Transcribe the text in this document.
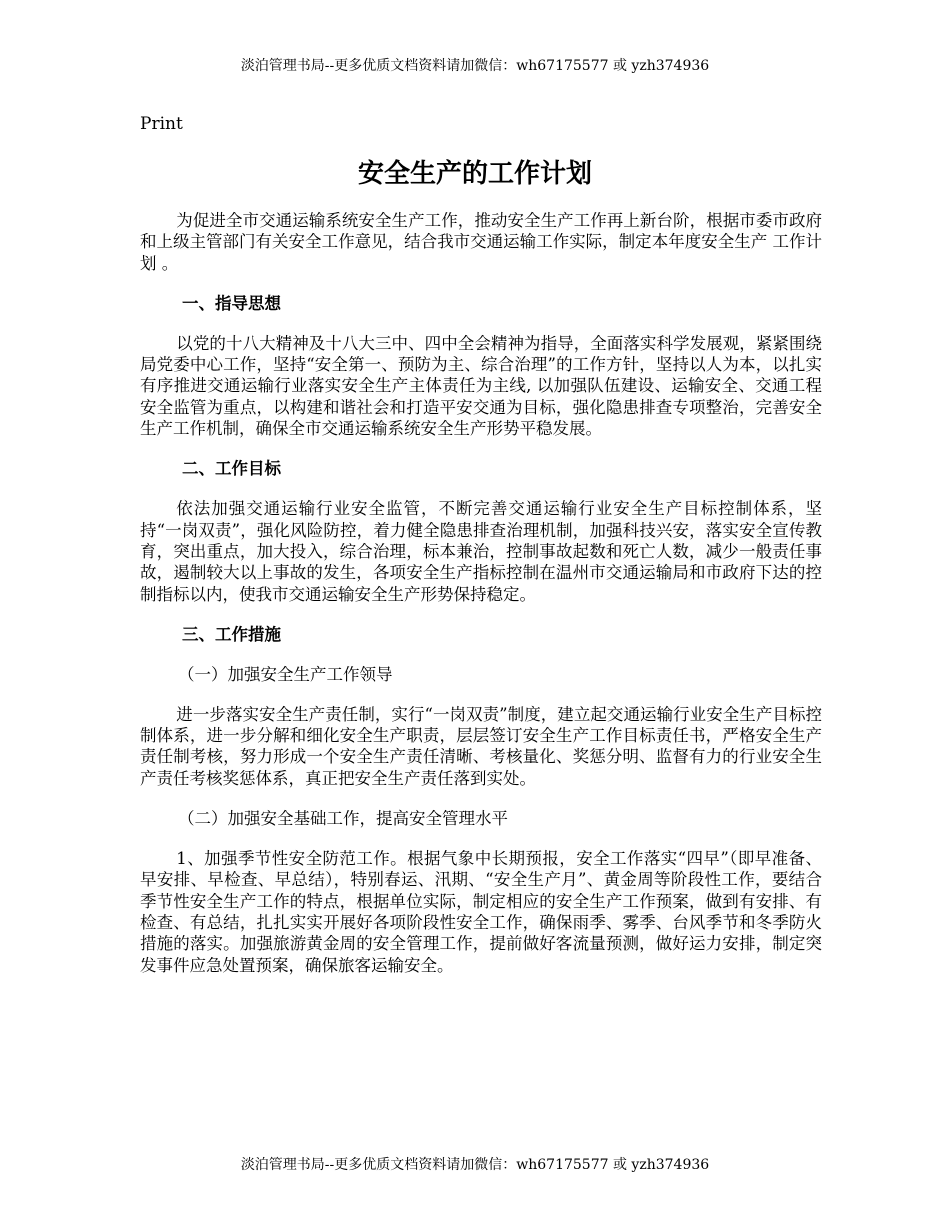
淡泊管理书局--更多优质文档资料请加微信：wh67175577 或 yzh374936
Print
安全生产的工作计划

为促进全市交通运输系统安全生产工作，推动安全生产工作再上新台阶，根据市委市政府和上级主管部门有关安全工作意见，结合我市交通运输工作实际，制定本年度安全生产 工作计划 。

一、指导思想

以党的十八大精神及十八大三中、四中全会精神为指导，全面落实科学发展观，紧紧围绕局党委中心工作，坚持“安全第一、预防为主、综合治理”的工作方针，坚持以人为本，以扎实有序推进交通运输行业落实安全生产主体责任为主线, 以加强队伍建设、运输安全、交通工程安全监管为重点，以构建和谐社会和打造平安交通为目标，强化隐患排查专项整治，完善安全生产工作机制，确保全市交通运输系统安全生产形势平稳发展。

二、工作目标

依法加强交通运输行业安全监管，不断完善交通运输行业安全生产目标控制体系，坚持“一岗双责”，强化风险防控，着力健全隐患排查治理机制，加强科技兴安，落实安全宣传教育，突出重点，加大投入，综合治理，标本兼治，控制事故起数和死亡人数，减少一般责任事故，遏制较大以上事故的发生，各项安全生产指标控制在温州市交通运输局和市政府下达的控制指标以内，使我市交通运输安全生产形势保持稳定。

三、工作措施
（一）加强安全生产工作领导

进一步落实安全生产责任制，实行“一岗双责”制度，建立起交通运输行业安全生产目标控制体系，进一步分解和细化安全生产职责，层层签订安全生产工作目标责任书，严格安全生产责任制考核，努力形成一个安全生产责任清晰、考核量化、奖惩分明、监督有力的行业安全生产责任考核奖惩体系，真正把安全生产责任落到实处。

（二）加强安全基础工作，提高安全管理水平

1、加强季节性安全防范工作。根据气象中长期预报，安全工作落实“四早”（即早准备、早安排、早检查、早总结），特别春运、汛期、“安全生产月”、黄金周等阶段性工作，要结合季节性安全生产工作的特点，根据单位实际，制定相应的安全生产工作预案，做到有安排、有检查、有总结，扎扎实实开展好各项阶段性安全工作，确保雨季、雾季、台风季节和冬季防火措施的落实。加强旅游黄金周的安全管理工作，提前做好客流量预测，做好运力安排，制定突发事件应急处置预案，确保旅客运输安全。

淡泊管理书局--更多优质文档资料请加微信：wh67175577 或 yzh374936
